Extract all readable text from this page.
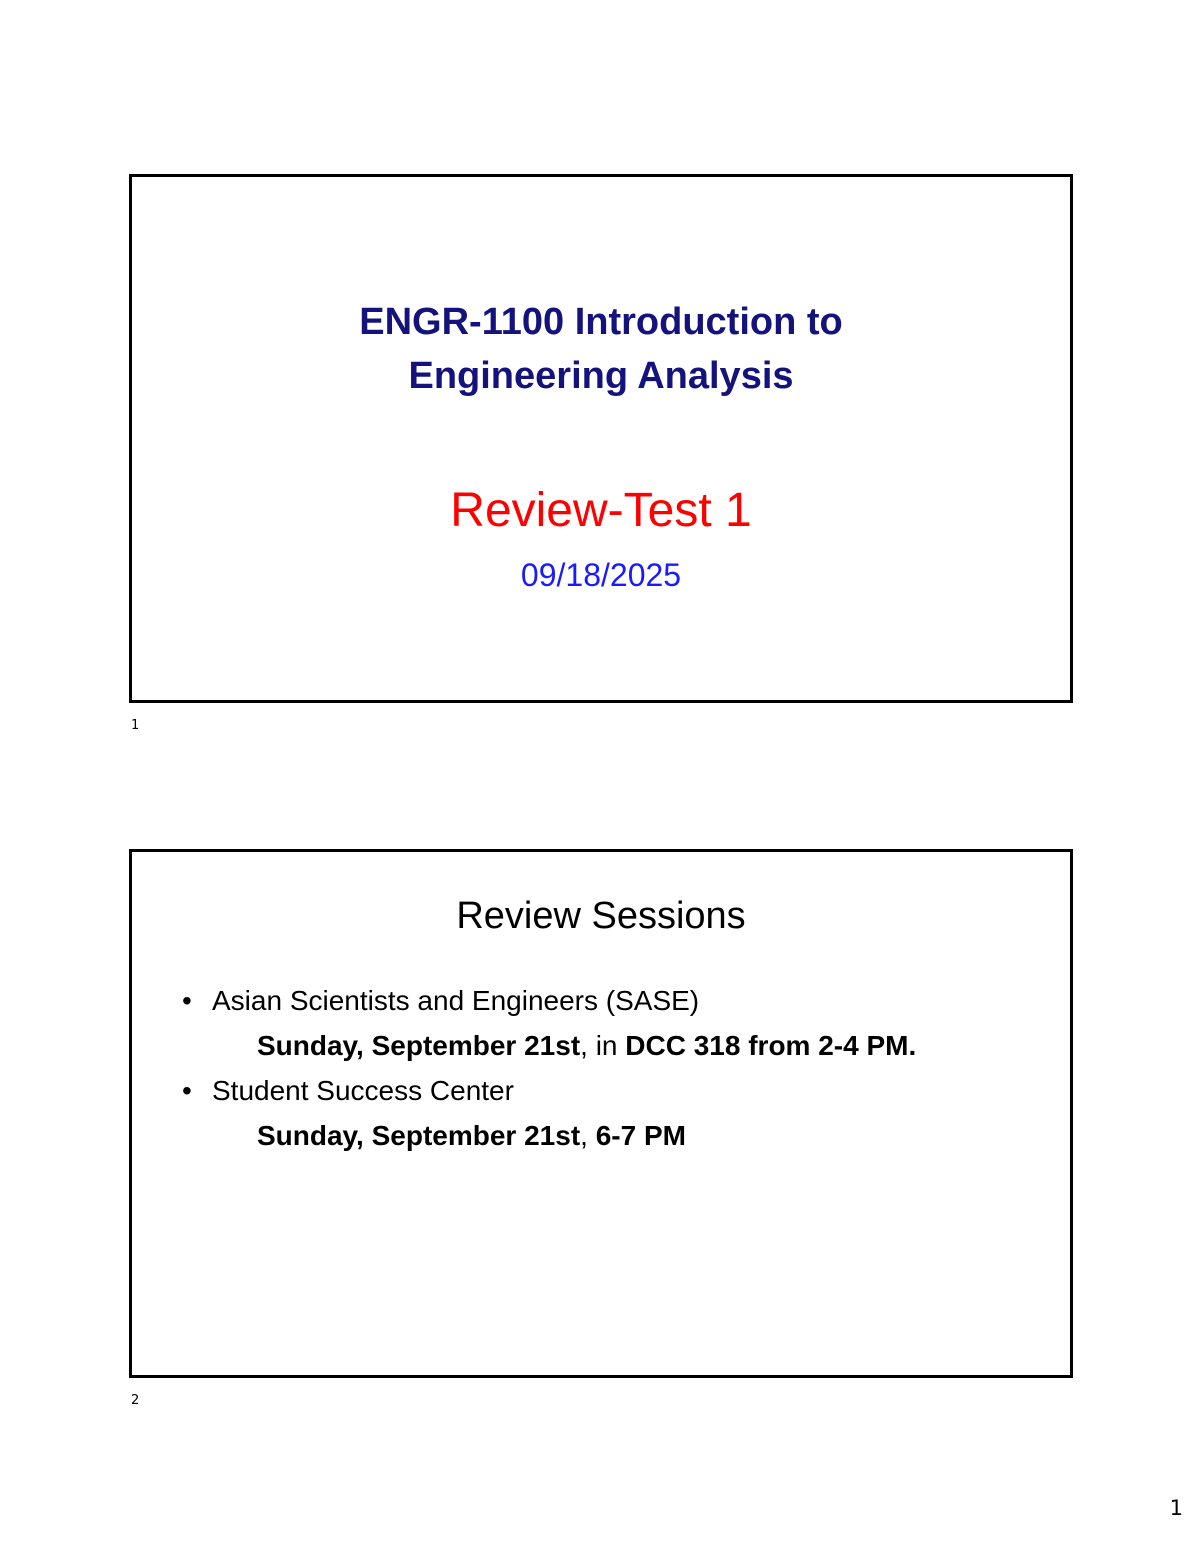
ENGR-1100 Introduction to
Engineering Analysis
Review-Test 1
09/18/2025
1
Review Sessions
• Asian Scientists and Engineers (SASE)
Sunday, September 21st, in DCC 318 from 2-4 PM.
• Student Success Center
Sunday, September 21st, 6-7 PM
2
1
